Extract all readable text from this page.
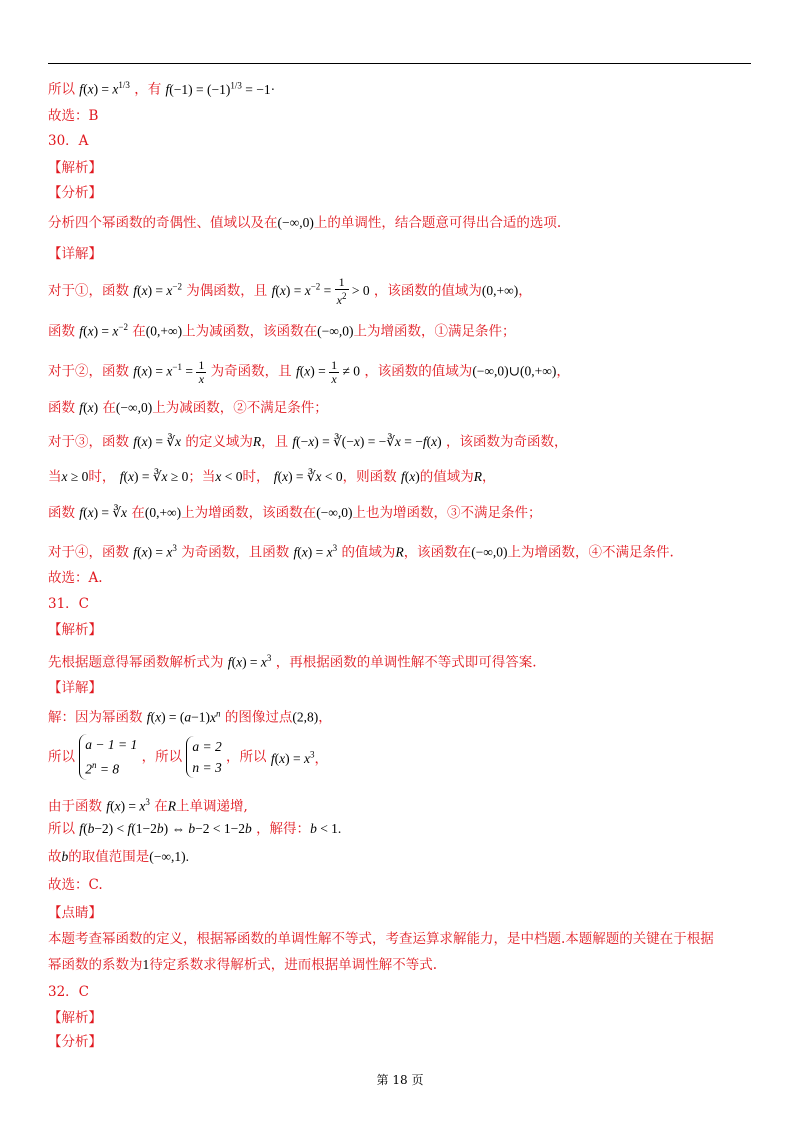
所以 $f(x) = x^{1/3}$ ，有 $f(-1) = (-1)^{1/3} = -1\cdot$
故选：B
30．A
【解析】
【分析】
分析四个幂函数的奇偶性、值域以及在(−∞,0)上的单调性，结合题意可得出合适的选项.
【详解】
对于①，函数 $f(x) = x^{-2}$ 为偶函数，且 $f(x) = x^{-2} = \frac{1}{x^2} > 0$ ，该函数的值域为(0,+∞)，
函数 $f(x) = x^{-2}$ 在(0,+∞)上为减函数，该函数在(−∞,0)上为增函数，①满足条件；
对于②，函数 $f(x) = x^{-1} = \frac{1}{x}$ 为奇函数，且 $f(x) = \frac{1}{x} \ne 0$ ，该函数的值域为(−∞,0)∪(0,+∞)，
函数 f(x) 在(−∞,0)上为减函数，②不满足条件；
对于③，函数 f(x) = ∛x 的定义域为R，且 f(−x) = ∛(−x) = −∛x = −f(x) ，该函数为奇函数，
当x ≥ 0时， f(x) = ∛x ≥ 0；当x < 0时， f(x) = ∛x < 0，则函数 f(x)的值域为R，
函数 f(x) = ∛x 在(0,+∞)上为增函数，该函数在(−∞,0)上也为增函数，③不满足条件；
对于④，函数 $f(x) = x^3$ 为奇函数，且函数 $f(x) = x^3$ 的值域为R，该函数在(−∞,0)上为增函数，④不满足条件.
故选：A.
31．C
【解析】
先根据题意得幂函数解析式为 $f(x) = x^3$ ，再根据函数的单调性解不等式即可得答案.
【详解】
解：因为幂函数 $f(x) = (a-1)x^n$ 的图像过点(2,8)，
所以
a − 1 = 1
$2^n = 8$
，所以
a = 2
n = 3
，所以 $f(x) = x^3$，
由于函数 $f(x) = x^3$ 在R上单调递增,
所以 f(b−2) < f(1−2b) ⇔ b−2 < 1−2b ，解得：b < 1.
故b的取值范围是(−∞,1).
故选：C.
【点睛】
本题考查幂函数的定义，根据幂函数的单调性解不等式，考查运算求解能力，是中档题.本题解题的关键在于根据
幂函数的系数为1待定系数求得解析式，进而根据单调性解不等式.
32．C
【解析】
【分析】
第 18 页
